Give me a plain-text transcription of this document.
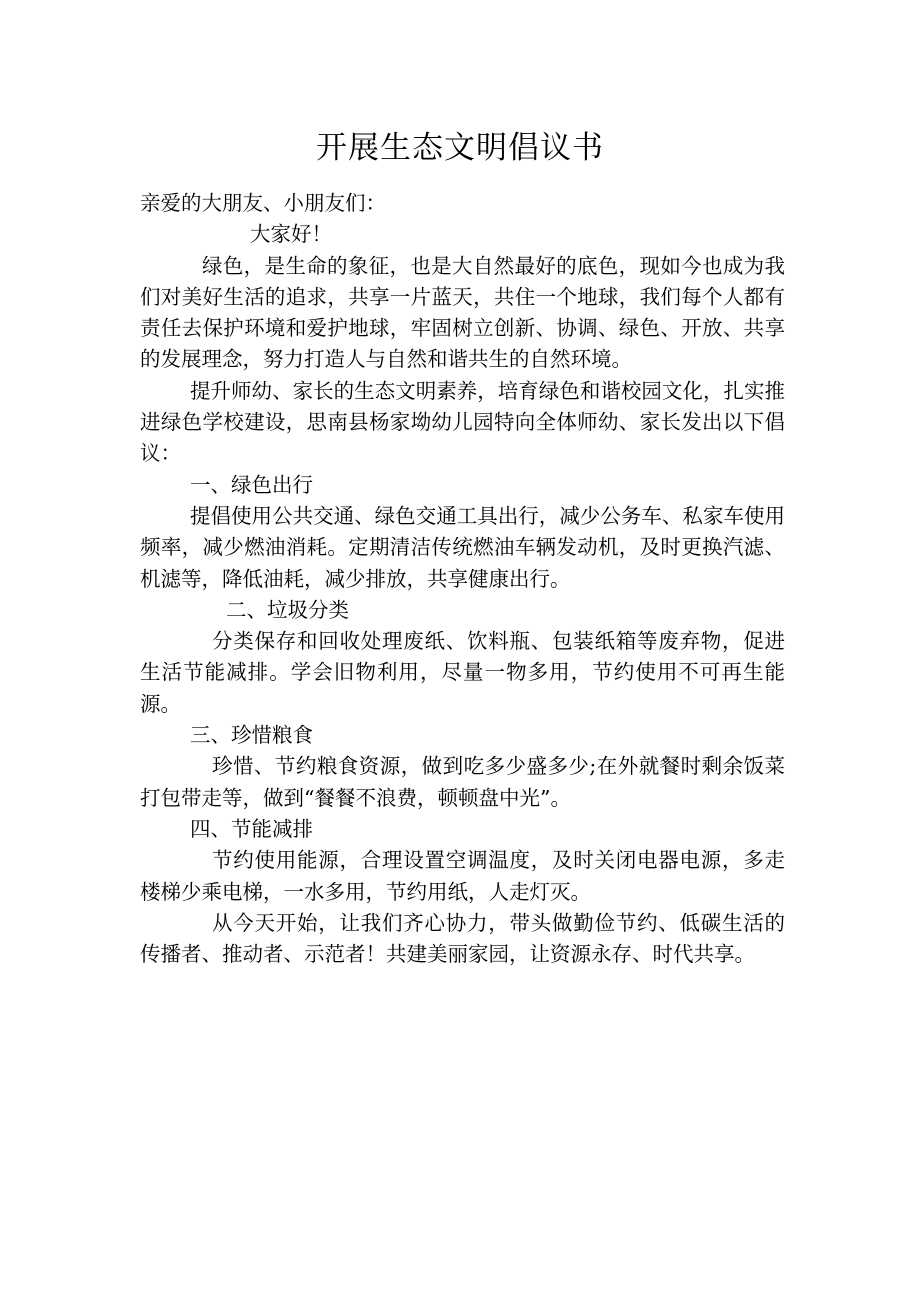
开展生态文明倡议书

亲爱的大朋友、小朋友们：

大家好！

绿色，是生命的象征，也是大自然最好的底色，现如今也成为我们对美好生活的追求，共享一片蓝天，共住一个地球，我们每个人都有责任去保护环境和爱护地球，牢固树立创新、协调、绿色、开放、共享的发展理念，努力打造人与自然和谐共生的自然环境。

提升师幼、家长的生态文明素养，培育绿色和谐校园文化，扎实推进绿色学校建设，思南县杨家坳幼儿园特向全体师幼、家长发出以下倡议：

一、绿色出行

提倡使用公共交通、绿色交通工具出行，减少公务车、私家车使用频率，减少燃油消耗。定期清洁传统燃油车辆发动机，及时更换汽滤、机滤等，降低油耗，减少排放，共享健康出行。

二、垃圾分类

分类保存和回收处理废纸、饮料瓶、包装纸箱等废弃物，促进生活节能减排。学会旧物利用，尽量一物多用，节约使用不可再生能源。

三、珍惜粮食

珍惜、节约粮食资源，做到吃多少盛多少;在外就餐时剩余饭菜打包带走等，做到“餐餐不浪费，顿顿盘中光”。

四、节能减排

节约使用能源，合理设置空调温度，及时关闭电器电源，多走楼梯少乘电梯，一水多用，节约用纸，人走灯灭。

从今天开始，让我们齐心协力，带头做勤俭节约、低碳生活的传播者、推动者、示范者！共建美丽家园，让资源永存、时代共享。
